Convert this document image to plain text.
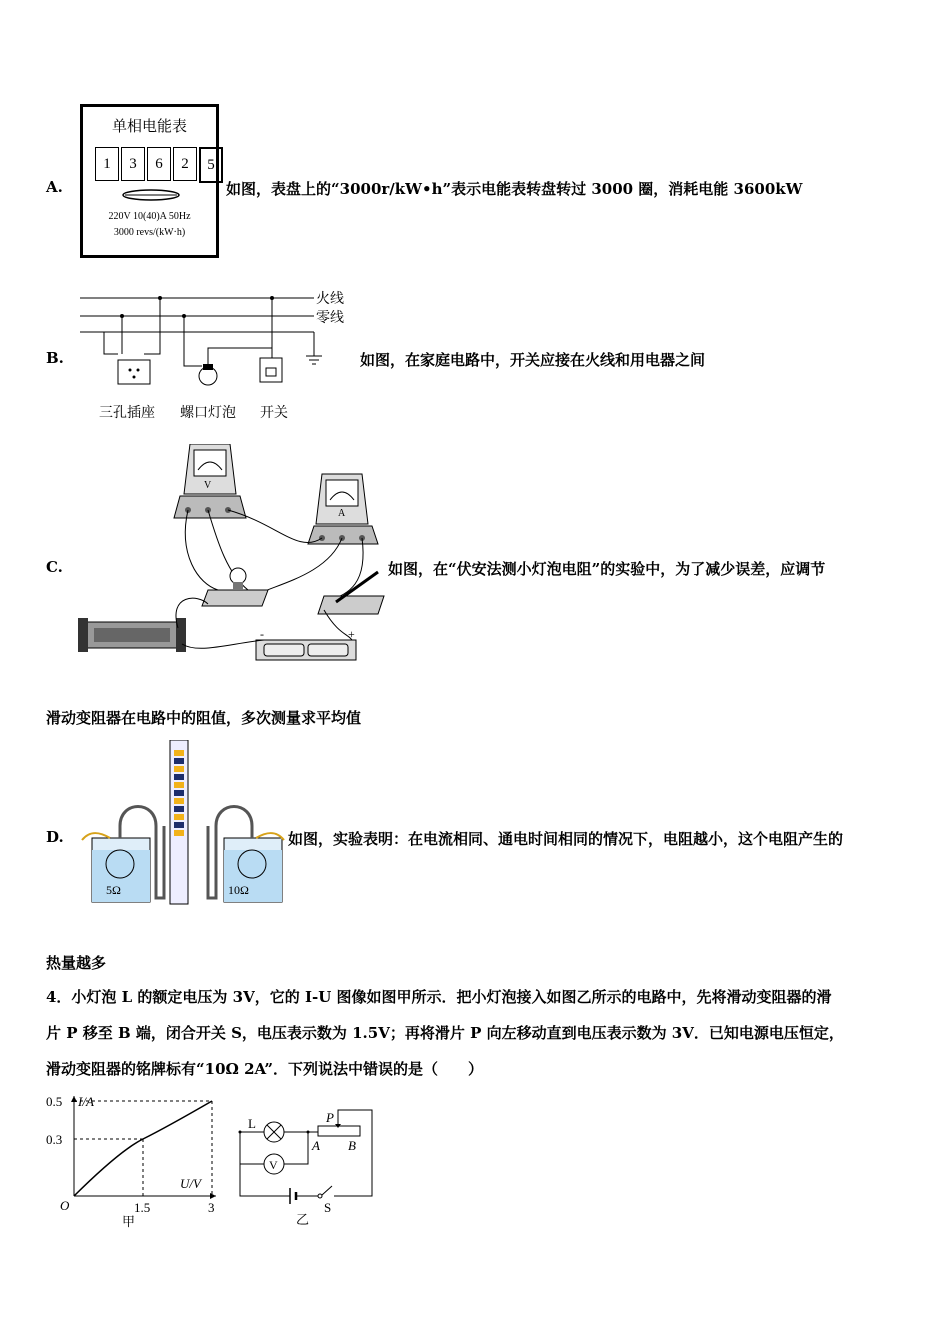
A.
单相电能表
1	3	6	2	5
220V 10(40)A 50Hz
3000 revs/(kW·h)
如图，表盘上的“3000r/kW•h”表示电能表转盘转过 3000 圈，消耗电能 3600kW
B.
火线
零线
三孔插座 螺口灯泡 开关
如图，在家庭电路中，开关应接在火线和用电器之间
C.
V
A
-	+
如图，在“伏安法测小灯泡电阻”的实验中，为了减少误差，应调节
滑动变阻器在电路中的阻值，多次测量求平均值
D.
5Ω	10Ω
如图，实验表明：在电流相同、通电时间相同的情况下，电阻越小，这个电阻产生的
热量越多
4．小灯泡 L 的额定电压为 3V，它的 I-U 图像如图甲所示．把小灯泡接入如图乙所示的电路中，先将滑动变阻器的滑
片 P 移至 B 端，闭合开关 S，电压表示数为 1.5V；再将滑片 P 向左移动直到电压表示数为 3V．已知电源电压恒定，
滑动变阻器的铭牌标有“10Ω 2A”．下列说法中错误的是（　　）
I/A
U/V
0.5
0.3
1.5	3
O
甲
V
L	P
A B
S
乙
